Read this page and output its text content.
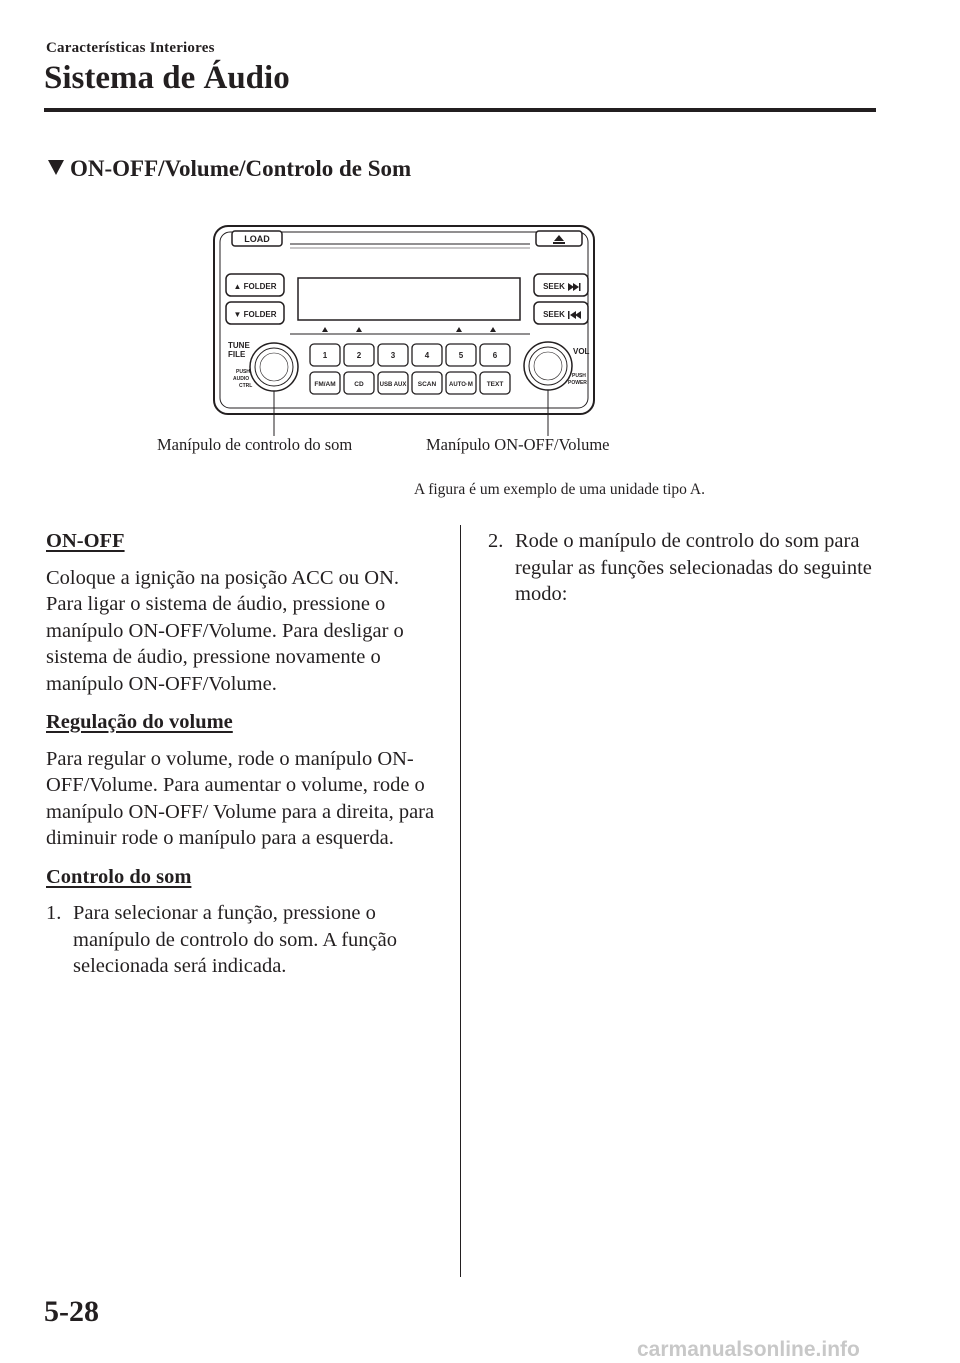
Características Interiores
Sistema de Áudio
ON-OFF/Volume/Controlo de Som
LOAD
▲ FOLDER
▼ FOLDER
SEEK
SEEK
TUNE
FILE
PUSH
AUDIO
CTRL
VOL
PUSH
POWER
1	2	3	4	5	6
FM/AM	CD	USB AUX SCAN AUTO·M TEXT
Manípulo de controlo do som	Manípulo ON-OFF/Volume
A figura é um exemplo de uma unidade tipo A.
ON-OFF

Coloque a ignição na posição ACC ou ON. Para ligar o sistema de áudio, pressione o manípulo ON-OFF/Volume. Para desligar o sistema de áudio, pressione novamente o manípulo ON-OFF/Volume.

Regulação do volume

Para regular o volume, rode o manípulo ON-OFF/Volume. Para aumentar o volume, rode o manípulo ON-OFF/ Volume para a direita, para diminuir rode o manípulo para a esquerda.

Controlo do som
1. Para selecionar a função, pressione o manípulo de controlo do som. A função selecionada será indicada.
2. Rode o manípulo de controlo do som para regular as funções selecionadas do seguinte modo:
5-28
carmanualsonline.info
